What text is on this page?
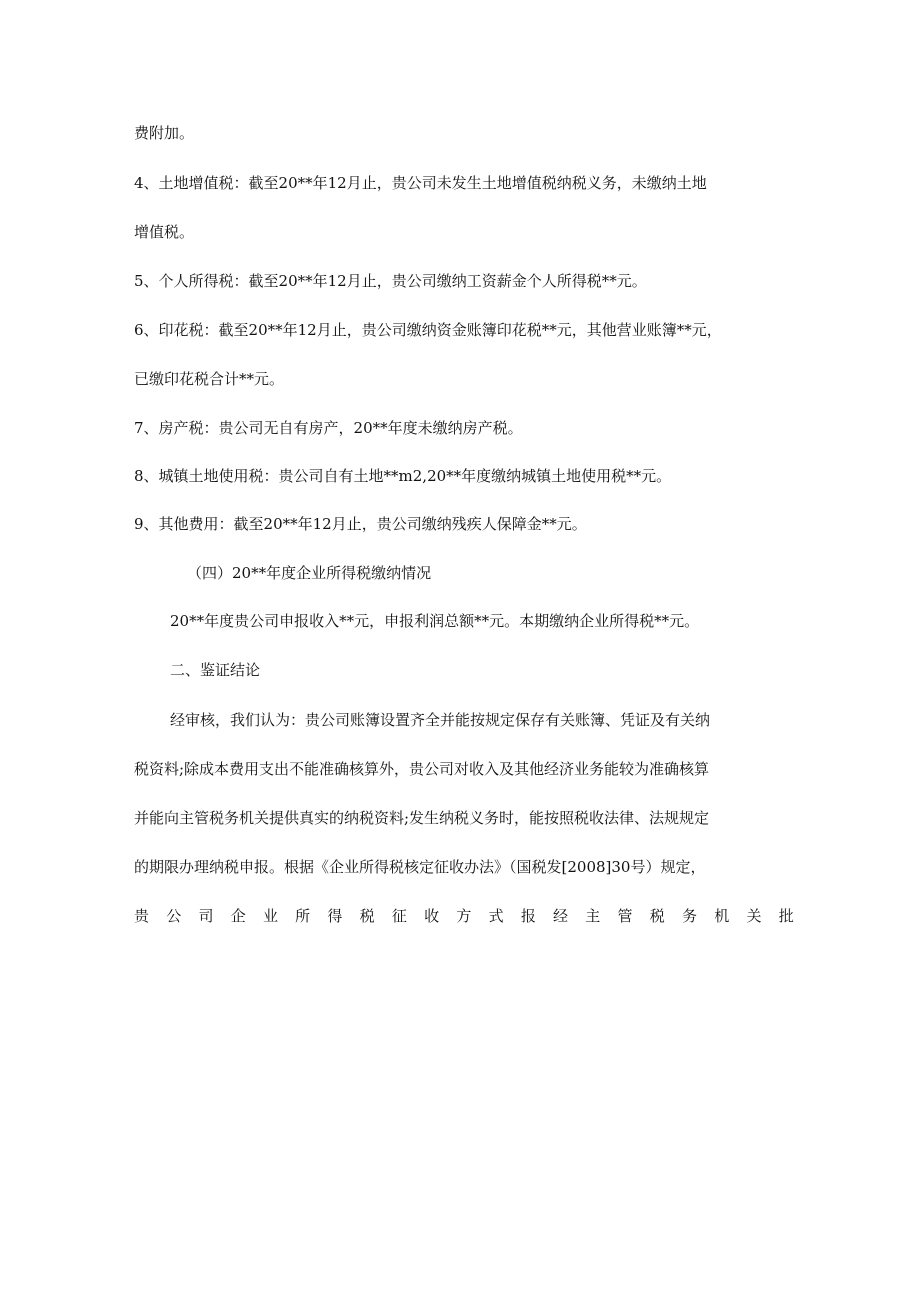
费附加。
4、土地增值税：截至20**年12月止，贵公司未发生土地增值税纳税义务，未缴纳土地
增值税。
5、个人所得税：截至20**年12月止，贵公司缴纳工资薪金个人所得税**元。
6、印花税：截至20**年12月止，贵公司缴纳资金账簿印花税**元，其他营业账簿**元，
已缴印花税合计**元。
7、房产税：贵公司无自有房产，20**年度未缴纳房产税。
8、城镇土地使用税：贵公司自有土地**m2,20**年度缴纳城镇土地使用税**元。
9、其他费用：截至20**年12月止，贵公司缴纳残疾人保障金**元。
（四）20**年度企业所得税缴纳情况
20**年度贵公司申报收入**元，申报利润总额**元。本期缴纳企业所得税**元。
二、鉴证结论
经审核，我们认为：贵公司账簿设置齐全并能按规定保存有关账簿、凭证及有关纳
税资料;除成本费用支出不能准确核算外，贵公司对收入及其他经济业务能较为准确核算
并能向主管税务机关提供真实的纳税资料;发生纳税义务时，能按照税收法律、法规规定
的期限办理纳税申报。根据《企业所得税核定征收办法》（国税发[2008]30号）规定，
贵 公 司 企 业 所 得 税 征 收 方 式 报 经 主 管 税 务 机 关 批
